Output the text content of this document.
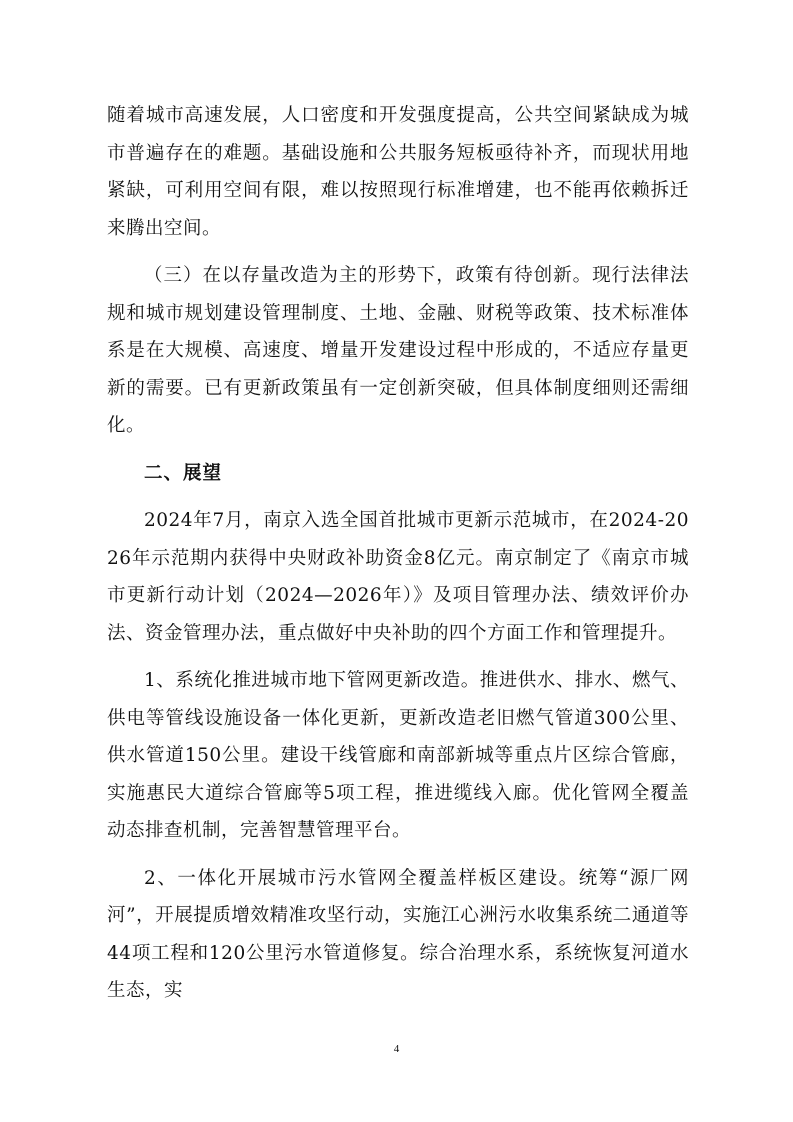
随着城市高速发展，人口密度和开发强度提高，公共空间紧缺成为城市普遍存在的难题。基础设施和公共服务短板亟待补齐，而现状用地紧缺，可利用空间有限，难以按照现行标准增建，也不能再依赖拆迁来腾出空间。

（三）在以存量改造为主的形势下，政策有待创新。现行法律法规和城市规划建设管理制度、土地、金融、财税等政策、技术标准体系是在大规模、高速度、增量开发建设过程中形成的，不适应存量更新的需要。已有更新政策虽有一定创新突破，但具体制度细则还需细化。

二、展望

2024年7月，南京入选全国首批城市更新示范城市，在2024-2026年示范期内获得中央财政补助资金8亿元。南京制定了《南京市城市更新行动计划（2024—2026年）》及项目管理办法、绩效评价办法、资金管理办法，重点做好中央补助的四个方面工作和管理提升。

1、系统化推进城市地下管网更新改造。推进供水、排水、燃气、供电等管线设施设备一体化更新，更新改造老旧燃气管道300公里、供水管道150公里。建设干线管廊和南部新城等重点片区综合管廊，实施惠民大道综合管廊等5项工程，推进缆线入廊。优化管网全覆盖动态排查机制，完善智慧管理平台。

2、一体化开展城市污水管网全覆盖样板区建设。统筹“源厂网河”，开展提质增效精准攻坚行动，实施江心洲污水收集系统二通道等44项工程和120公里污水管道修复。综合治理水系，系统恢复河道水生态，实

4
